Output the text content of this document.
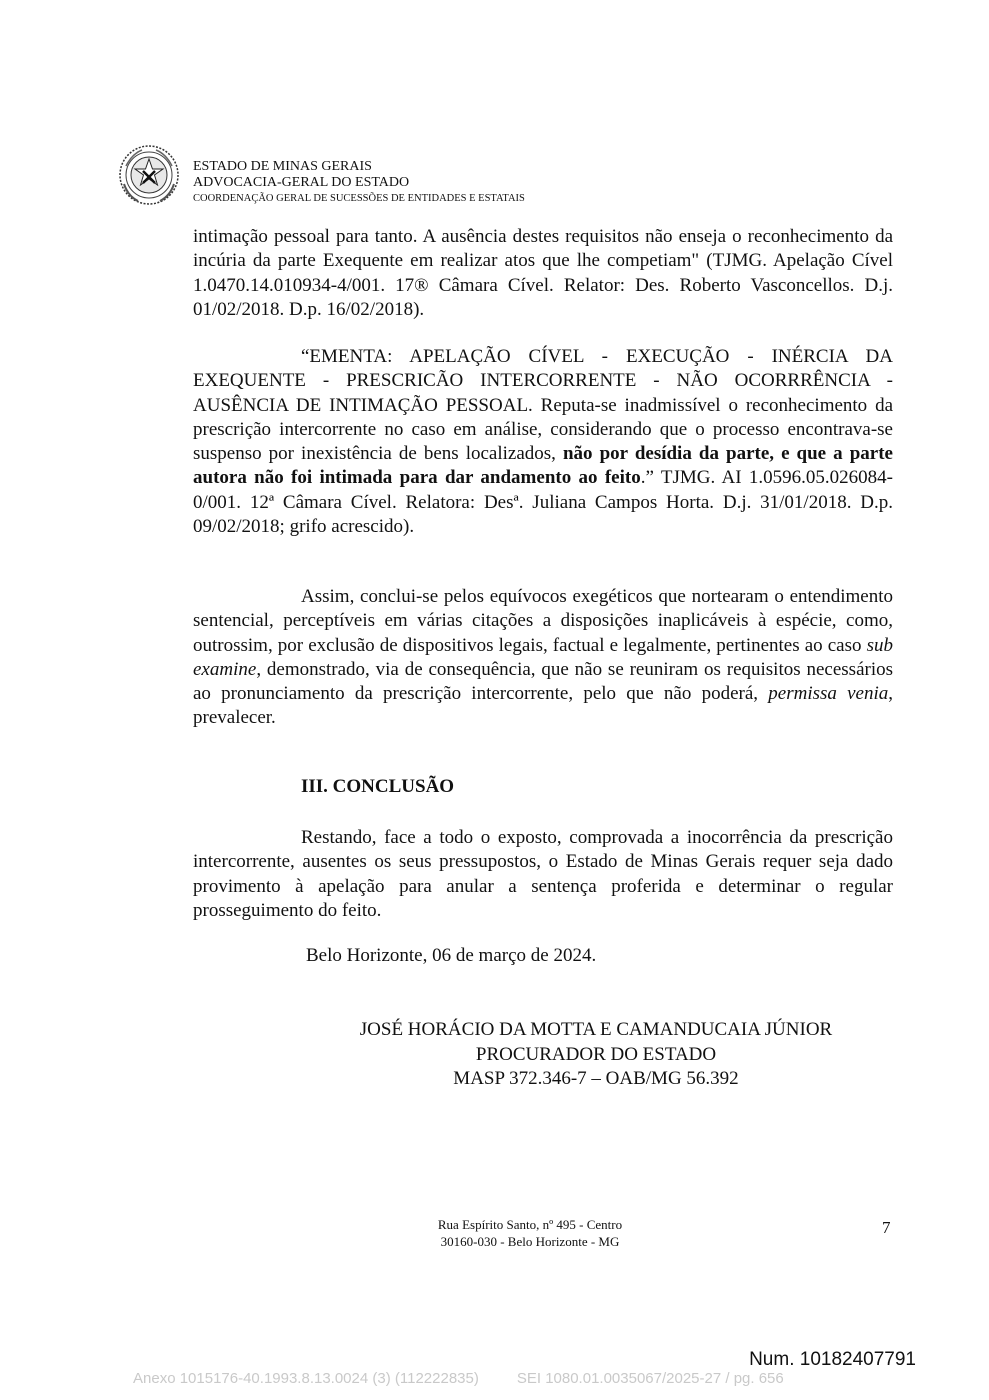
ESTADO DE MINAS GERAIS
ADVOCACIA-GERAL DO ESTADO
COORDENAÇÃO GERAL DE SUCESSÕES DE ENTIDADES E ESTATAIS

intimação pessoal para tanto. A ausência destes requisitos não enseja o reconhecimento da incúria da parte Exequente em realizar atos que lhe competiam" (TJMG. Apelação Cível 1.0470.14.010934-4/001. 17® Câmara Cível. Relator: Des. Roberto Vasconcellos. D.j. 01/02/2018. D.p. 16/02/2018).

“EMENTA: APELAÇÃO CÍVEL - EXECUÇÃO - INÉRCIA DA EXEQUENTE - PRESCRICÃO INTERCORRENTE - NÃO OCORRRÊNCIA - AUSÊNCIA DE INTIMAÇÃO PESSOAL. Reputa-se inadmissível o reconhecimento da prescrição intercorrente no caso em análise, considerando que o processo encontrava-se suspenso por inexistência de bens localizados, não por desídia da parte, e que a parte autora não foi intimada para dar andamento ao feito.” TJMG. AI 1.0596.05.026084-0/001. 12ª Câmara Cível. Relatora: Desª. Juliana Campos Horta. D.j. 31/01/2018. D.p. 09/02/2018; grifo acrescido).

Assim, conclui-se pelos equívocos exegéticos que nortearam o entendimento sentencial, perceptíveis em várias citações a disposições inaplicáveis à espécie, como, outrossim, por exclusão de dispositivos legais, factual e legalmente, pertinentes ao caso sub examine, demonstrado, via de consequência, que não se reuniram os requisitos necessários ao pronunciamento da prescrição intercorrente, pelo que não poderá, permissa venia, prevalecer.

III. CONCLUSÃO

Restando, face a todo o exposto, comprovada a inocorrência da prescrição intercorrente, ausentes os seus pressupostos, o Estado de Minas Gerais requer seja dado provimento à apelação para anular a sentença proferida e determinar o regular prosseguimento do feito.

Belo Horizonte, 06 de março de 2024.
JOSÉ HORÁCIO DA MOTTA E CAMANDUCAIA JÚNIOR
PROCURADOR DO ESTADO
MASP 372.346-7 – OAB/MG 56.392
Rua Espírito Santo, nº 495 - Centro
30160-030 - Belo Horizonte - MG
7
Num. 10182407791
Anexo 1015176-40.1993.8.13.0024 (3) (112222835)	SEI 1080.01.0035067/2025-27 / pg. 656
